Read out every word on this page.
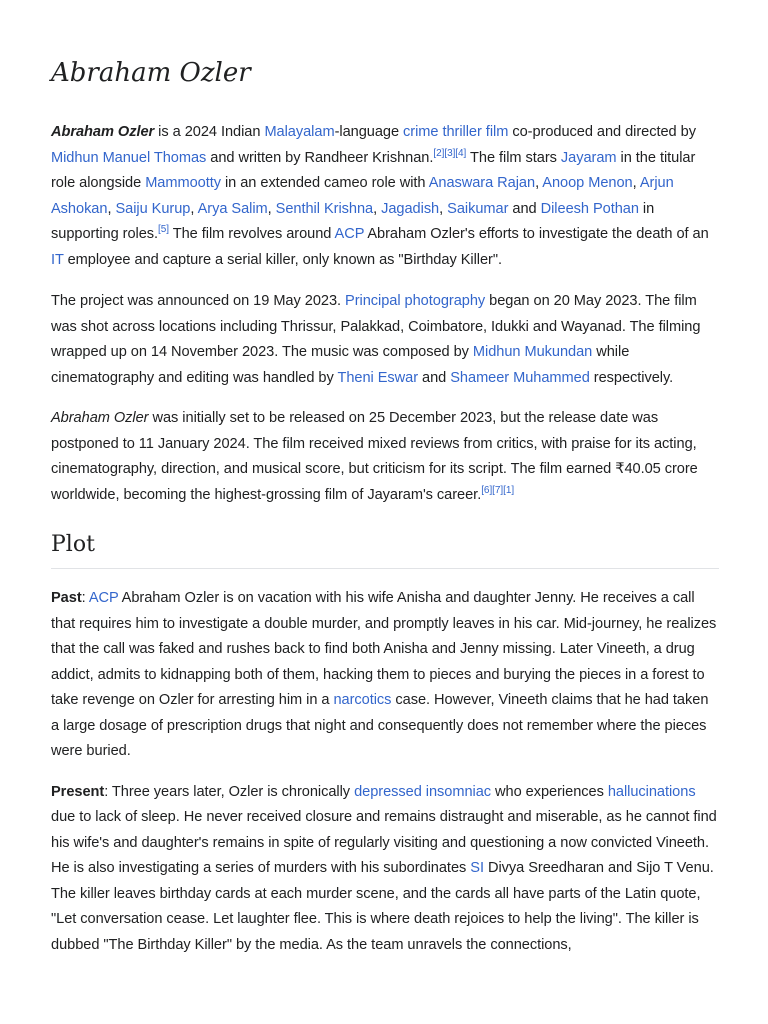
Abraham Ozler

Abraham Ozler is a 2024 Indian Malayalam-language crime thriller film co-produced and directed by Midhun Manuel Thomas and written by Randheer Krishnan.[2][3][4] The film stars Jayaram in the titular role alongside Mammootty in an extended cameo role with Anaswara Rajan, Anoop Menon, Arjun Ashokan, Saiju Kurup, Arya Salim, Senthil Krishna, Jagadish, Saikumar and Dileesh Pothan in supporting roles.[5] The film revolves around ACP Abraham Ozler's efforts to investigate the death of an IT employee and capture a serial killer, only known as "Birthday Killer".

The project was announced on 19 May 2023. Principal photography began on 20 May 2023. The film was shot across locations including Thrissur, Palakkad, Coimbatore, Idukki and Wayanad. The filming wrapped up on 14 November 2023. The music was composed by Midhun Mukundan while cinematography and editing was handled by Theni Eswar and Shameer Muhammed respectively.

Abraham Ozler was initially set to be released on 25 December 2023, but the release date was postponed to 11 January 2024. The film received mixed reviews from critics, with praise for its acting, cinematography, direction, and musical score, but criticism for its script. The film earned ₹40.05 crore worldwide, becoming the highest-grossing film of Jayaram's career.[6][7][1]

Plot

Past: ACP Abraham Ozler is on vacation with his wife Anisha and daughter Jenny. He receives a call that requires him to investigate a double murder, and promptly leaves in his car. Mid-journey, he realizes that the call was faked and rushes back to find both Anisha and Jenny missing. Later Vineeth, a drug addict, admits to kidnapping both of them, hacking them to pieces and burying the pieces in a forest to take revenge on Ozler for arresting him in a narcotics case. However, Vineeth claims that he had taken a large dosage of prescription drugs that night and consequently does not remember where the pieces were buried.

Present: Three years later, Ozler is chronically depressed insomniac who experiences hallucinations due to lack of sleep. He never received closure and remains distraught and miserable, as he cannot find his wife's and daughter's remains in spite of regularly visiting and questioning a now convicted Vineeth. He is also investigating a series of murders with his subordinates SI Divya Sreedharan and Sijo T Venu. The killer leaves birthday cards at each murder scene, and the cards all have parts of the Latin quote, "Let conversation cease. Let laughter flee. This is where death rejoices to help the living". The killer is dubbed "The Birthday Killer" by the media. As the team unravels the connections,
